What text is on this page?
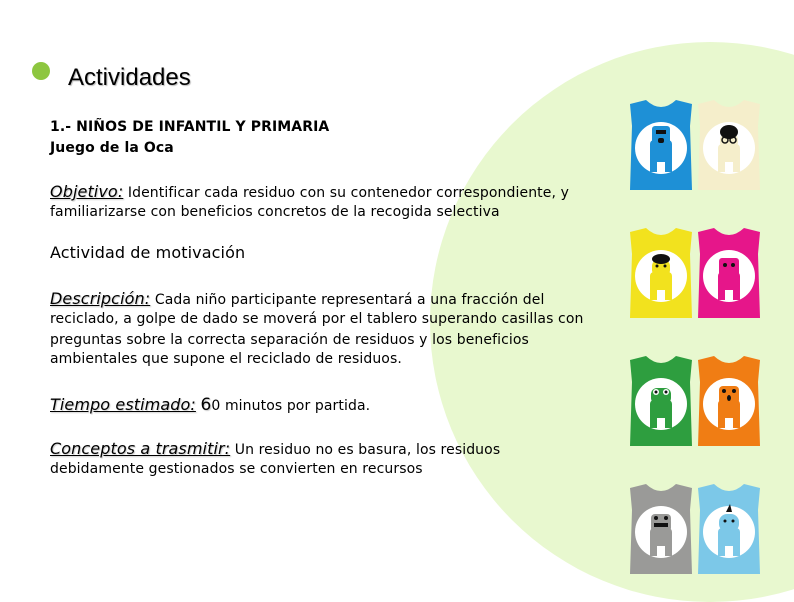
Actividades
1.- NIÑOS DE INFANTIL Y PRIMARIA
Juego de la Oca
Objetivo: Identificar cada residuo con su contenedor correspondiente, y
familiarizarse con beneficios concretos de la recogida selectiva
Actividad de motivación
Descripción: Cada niño participante representará a una fracción del
reciclado, a golpe de dado se moverá por el tablero superando casillas con
preguntas sobre la correcta separación de residuos y los beneficios
ambientales que supone el reciclado de residuos.
Tiempo estimado: 60 minutos por partida.
Conceptos a trasmitir: Un residuo no es basura, los residuos
debidamente gestionados se convierten en recursos
